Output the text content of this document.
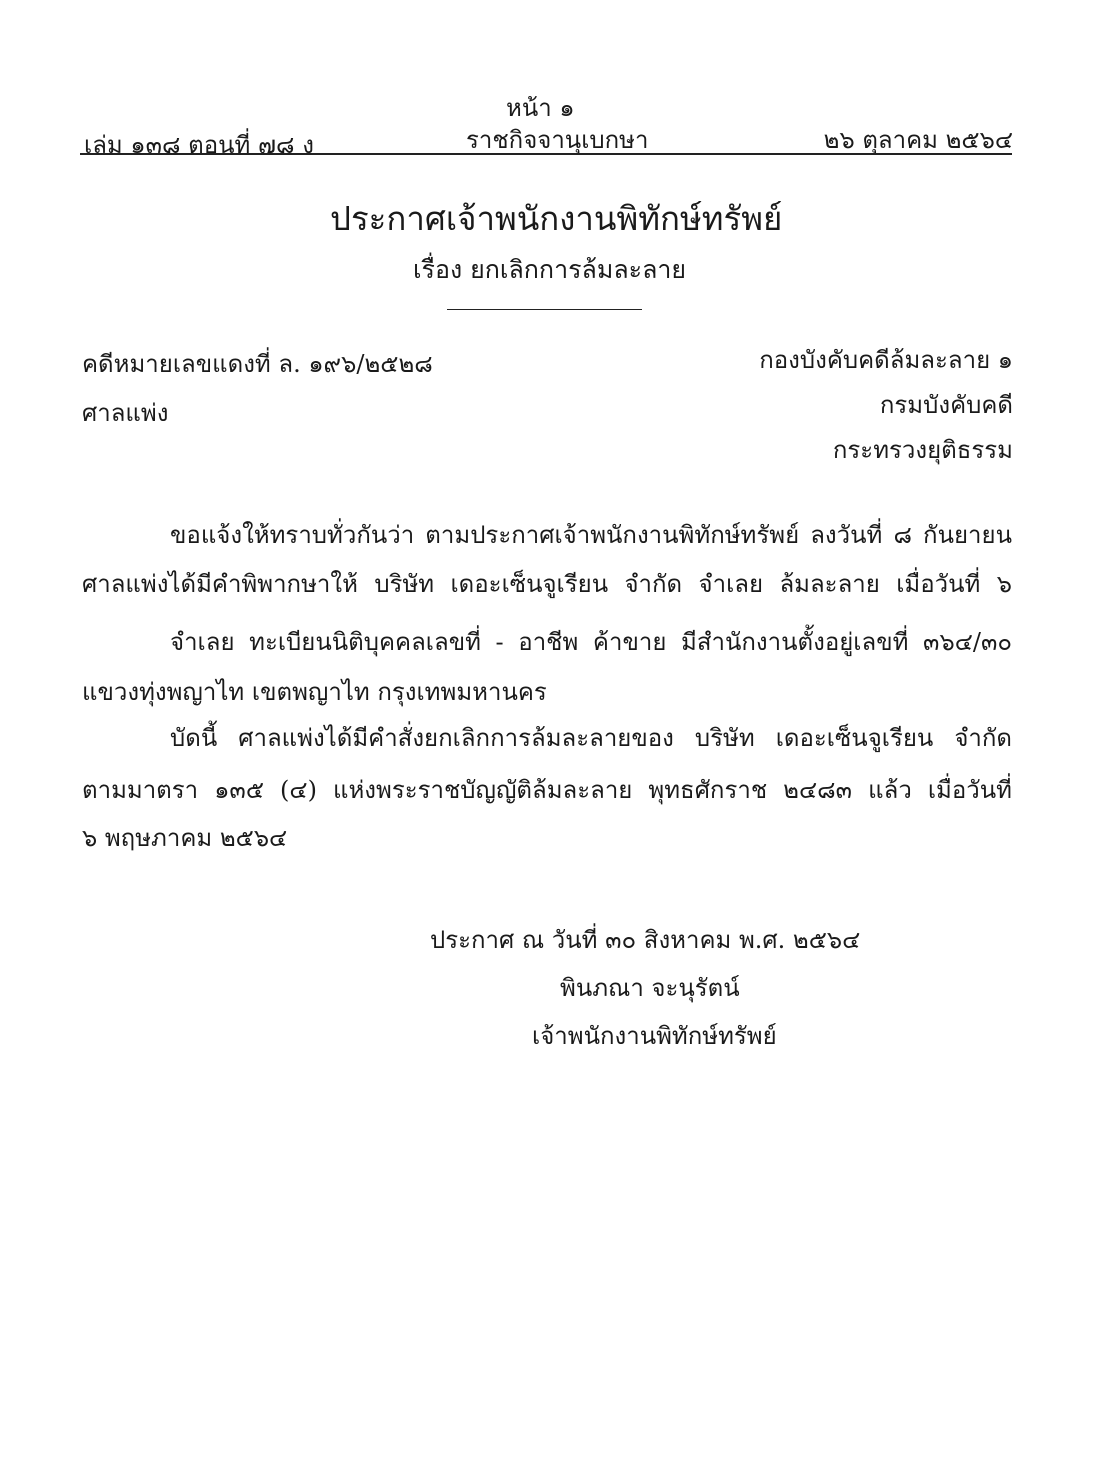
หน้า ๑
เล่ม ๑๓๘ ตอนที่ ๗๘ ง	ราชกิจจานุเบกษา	๒๖ ตุลาคม ๒๕๖๔
ประกาศเจ้าพนักงานพิทักษ์ทรัพย์
เรื่อง ยกเลิกการล้มละลาย
คดีหมายเลขแดงที่ ล. ๑๙๖/๒๕๒๘
ศาลแพ่ง
กองบังคับคดีล้มละลาย ๑
กรมบังคับคดี
กระทรวงยุติธรรม
ขอแจ้งให้ทราบทั่วกันว่า ตามประกาศเจ้าพนักงานพิทักษ์ทรัพย์ ลงวันที่ ๘ กันยายน
ศาลแพ่งได้มีคำพิพากษาให้ บริษัท เดอะเซ็นจูเรียน จำกัด จำเลย ล้มละลาย เมื่อวันที่ ๖
จำเลย ทะเบียนนิติบุคคลเลขที่ - อาชีพ ค้าขาย มีสำนักงานตั้งอยู่เลขที่ ๓๖๔/๓๐
แขวงทุ่งพญาไท เขตพญาไท กรุงเทพมหานคร
บัดนี้ ศาลแพ่งได้มีคำสั่งยกเลิกการล้มละลายของ บริษัท เดอะเซ็นจูเรียน จำกัด
ตามมาตรา ๑๓๕ (๔) แห่งพระราชบัญญัติล้มละลาย พุทธศักราช ๒๔๘๓ แล้ว เมื่อวันที่
๖ พฤษภาคม ๒๕๖๔
ประกาศ ณ วันที่ ๓๐ สิงหาคม พ.ศ. ๒๕๖๔
พินภณา จะนุรัตน์
เจ้าพนักงานพิทักษ์ทรัพย์
